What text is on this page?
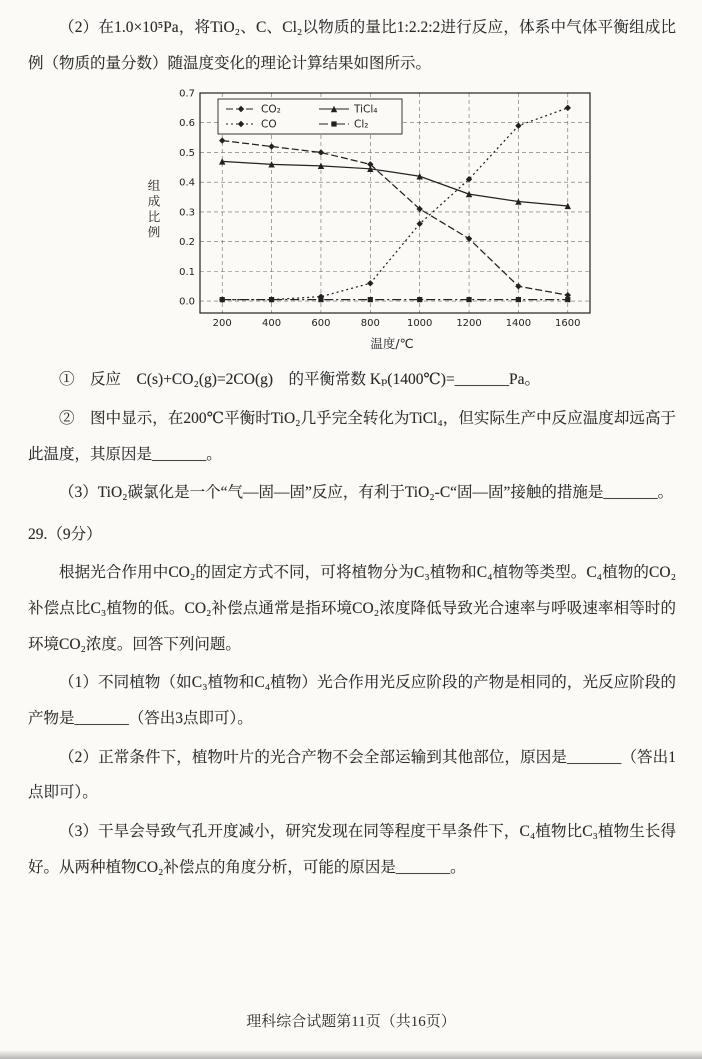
（2）在1.0×10⁵Pa，将TiO₂、C、Cl₂以物质的量比1:2.2:2进行反应，体系中气体平衡组成比例（物质的量分数）随温度变化的理论计算结果如图所示。

组成比例
0.0
0.1
0.2
0.3
0.4
0.5
0.6
0.7
200	400	600	800	1000 1200 1400 1600
CO₂	TiCl₄
CO	Cl₂
温度/℃

①　反应　C(s)+CO₂(g)=2CO(g)　的平衡常数 Kₚ(1400℃)=_______Pa。

②　图中显示，在200℃平衡时TiO₂几乎完全转化为TiCl₄，但实际生产中反应温度却远高于此温度，其原因是_______。

（3）TiO₂碳氯化是一个“气—固—固”反应，有利于TiO₂-C“固—固”接触的措施是_______。

29.（9分）

根据光合作用中CO₂的固定方式不同，可将植物分为C₃植物和C₄植物等类型。C₄植物的CO₂补偿点比C₃植物的低。CO₂补偿点通常是指环境CO₂浓度降低导致光合速率与呼吸速率相等时的环境CO₂浓度。回答下列问题。

（1）不同植物（如C₃植物和C₄植物）光合作用光反应阶段的产物是相同的，光反应阶段的产物是_______（答出3点即可）。

（2）正常条件下，植物叶片的光合产物不会全部运输到其他部位，原因是_______（答出1点即可）。

（3）干旱会导致气孔开度减小，研究发现在同等程度干旱条件下，C₄植物比C₃植物生长得好。从两种植物CO₂补偿点的角度分析，可能的原因是_______。

理科综合试题第11页（共16页）
